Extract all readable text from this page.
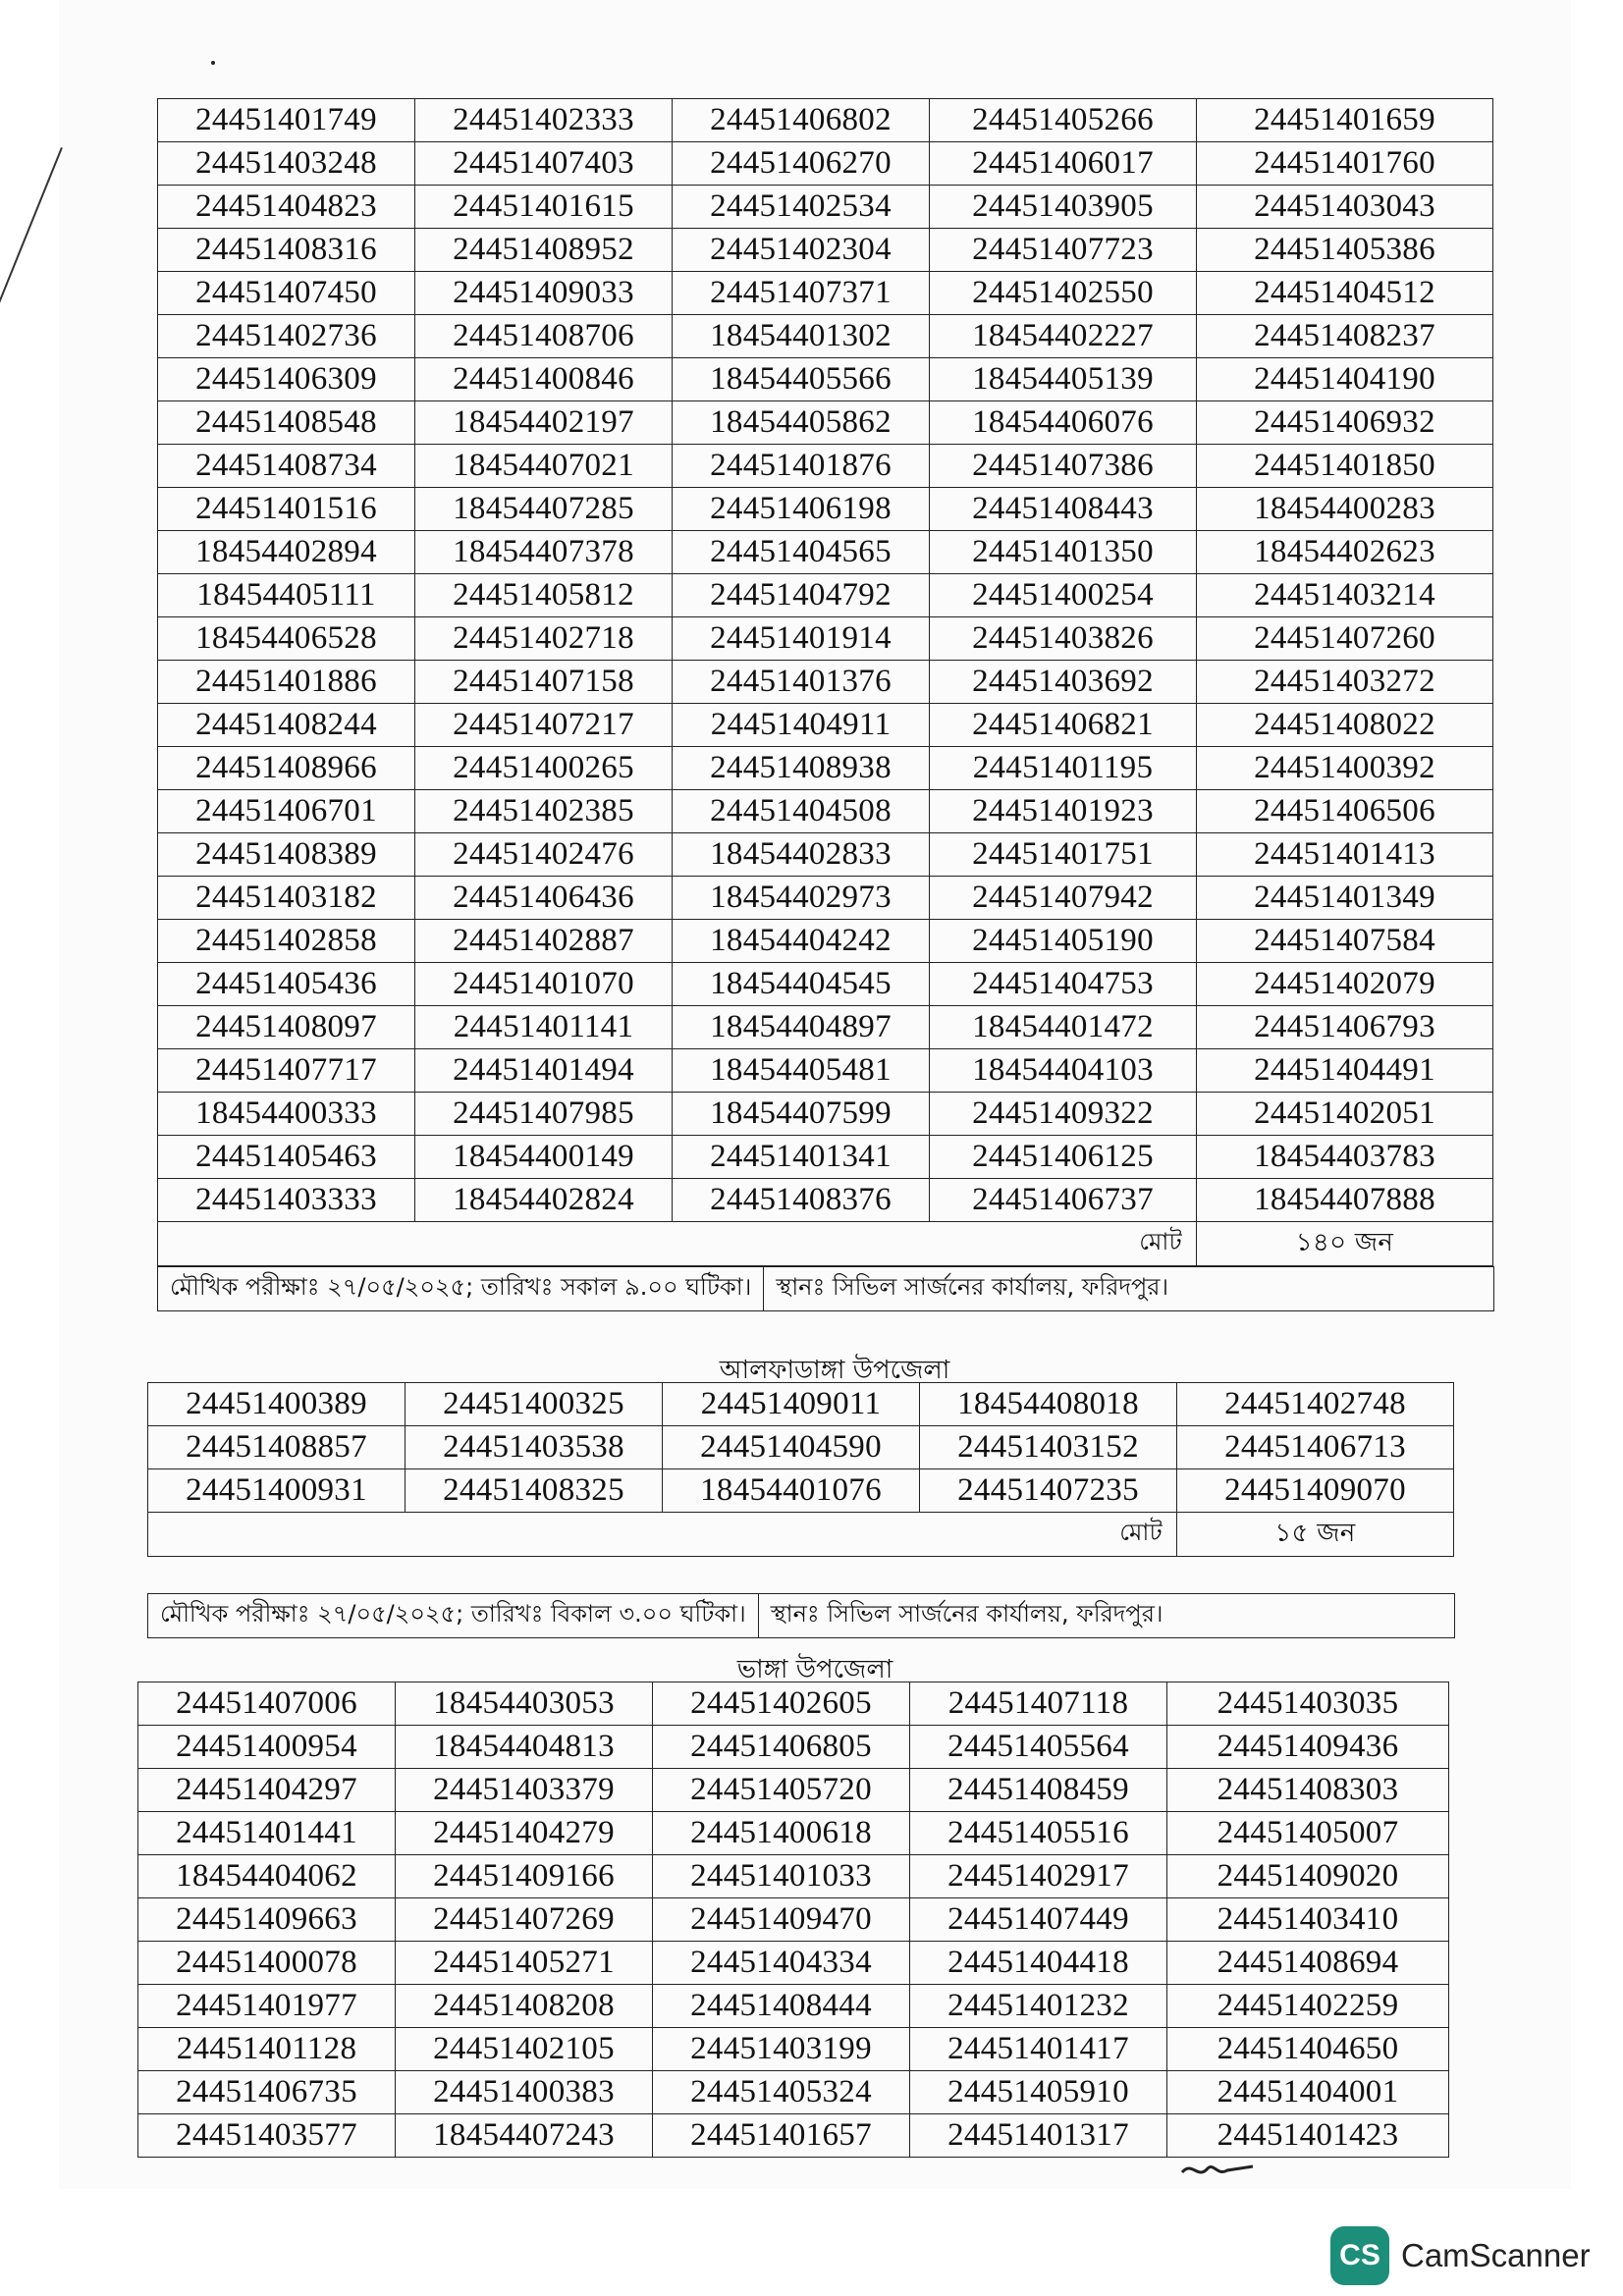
24451401749	24451402333	24451406802	24451405266	24451401659
24451403248	24451407403	24451406270	24451406017	24451401760
24451404823	24451401615	24451402534	24451403905	24451403043
24451408316	24451408952	24451402304	24451407723	24451405386
24451407450	24451409033	24451407371	24451402550	24451404512
24451402736	24451408706	18454401302	18454402227	24451408237
24451406309	24451400846	18454405566	18454405139	24451404190
24451408548	18454402197	18454405862	18454406076	24451406932
24451408734	18454407021	24451401876	24451407386	24451401850
24451401516	18454407285	24451406198	24451408443	18454400283
18454402894	18454407378	24451404565	24451401350	18454402623
18454405111	24451405812	24451404792	24451400254	24451403214
18454406528	24451402718	24451401914	24451403826	24451407260
24451401886	24451407158	24451401376	24451403692	24451403272
24451408244	24451407217	24451404911	24451406821	24451408022
24451408966	24451400265	24451408938	24451401195	24451400392
24451406701	24451402385	24451404508	24451401923	24451406506
24451408389	24451402476	18454402833	24451401751	24451401413
24451403182	24451406436	18454402973	24451407942	24451401349
24451402858	24451402887	18454404242	24451405190	24451407584
24451405436	24451401070	18454404545	24451404753	24451402079
24451408097	24451401141	18454404897	18454401472	24451406793
24451407717	24451401494	18454405481	18454404103	24451404491
18454400333	24451407985	18454407599	24451409322	24451402051
24451405463	18454400149	24451401341	24451406125	18454403783
24451403333	18454402824	24451408376	24451406737	18454407888
			মোট	১৪০ জন
মৌখিক পরীক্ষাঃ ২৭/০৫/২০২৫; তারিখঃ সকাল ৯.০০ ঘটিকা।	স্থানঃ সিভিল সার্জনের কার্যালয়, ফরিদপুর।
আলফাডাঙ্গা উপজেলা
24451400389	24451400325	24451409011	18454408018	24451402748
24451408857	24451403538	24451404590	24451403152	24451406713
24451400931	24451408325	18454401076	24451407235	24451409070
			মোট	১৫ জন
মৌখিক পরীক্ষাঃ ২৭/০৫/২০২৫; তারিখঃ বিকাল ৩.০০ ঘটিকা।	স্থানঃ সিভিল সার্জনের কার্যালয়, ফরিদপুর।
ভাঙ্গা উপজেলা
24451407006	18454403053	24451402605	24451407118	24451403035
24451400954	18454404813	24451406805	24451405564	24451409436
24451404297	24451403379	24451405720	24451408459	24451408303
24451401441	24451404279	24451400618	24451405516	24451405007
18454404062	24451409166	24451401033	24451402917	24451409020
24451409663	24451407269	24451409470	24451407449	24451403410
24451400078	24451405271	24451404334	24451404418	24451408694
24451401977	24451408208	24451408444	24451401232	24451402259
24451401128	24451402105	24451403199	24451401417	24451404650
24451406735	24451400383	24451405324	24451405910	24451404001
24451403577	18454407243	24451401657	24451401317	24451401423
CS CamScanner
